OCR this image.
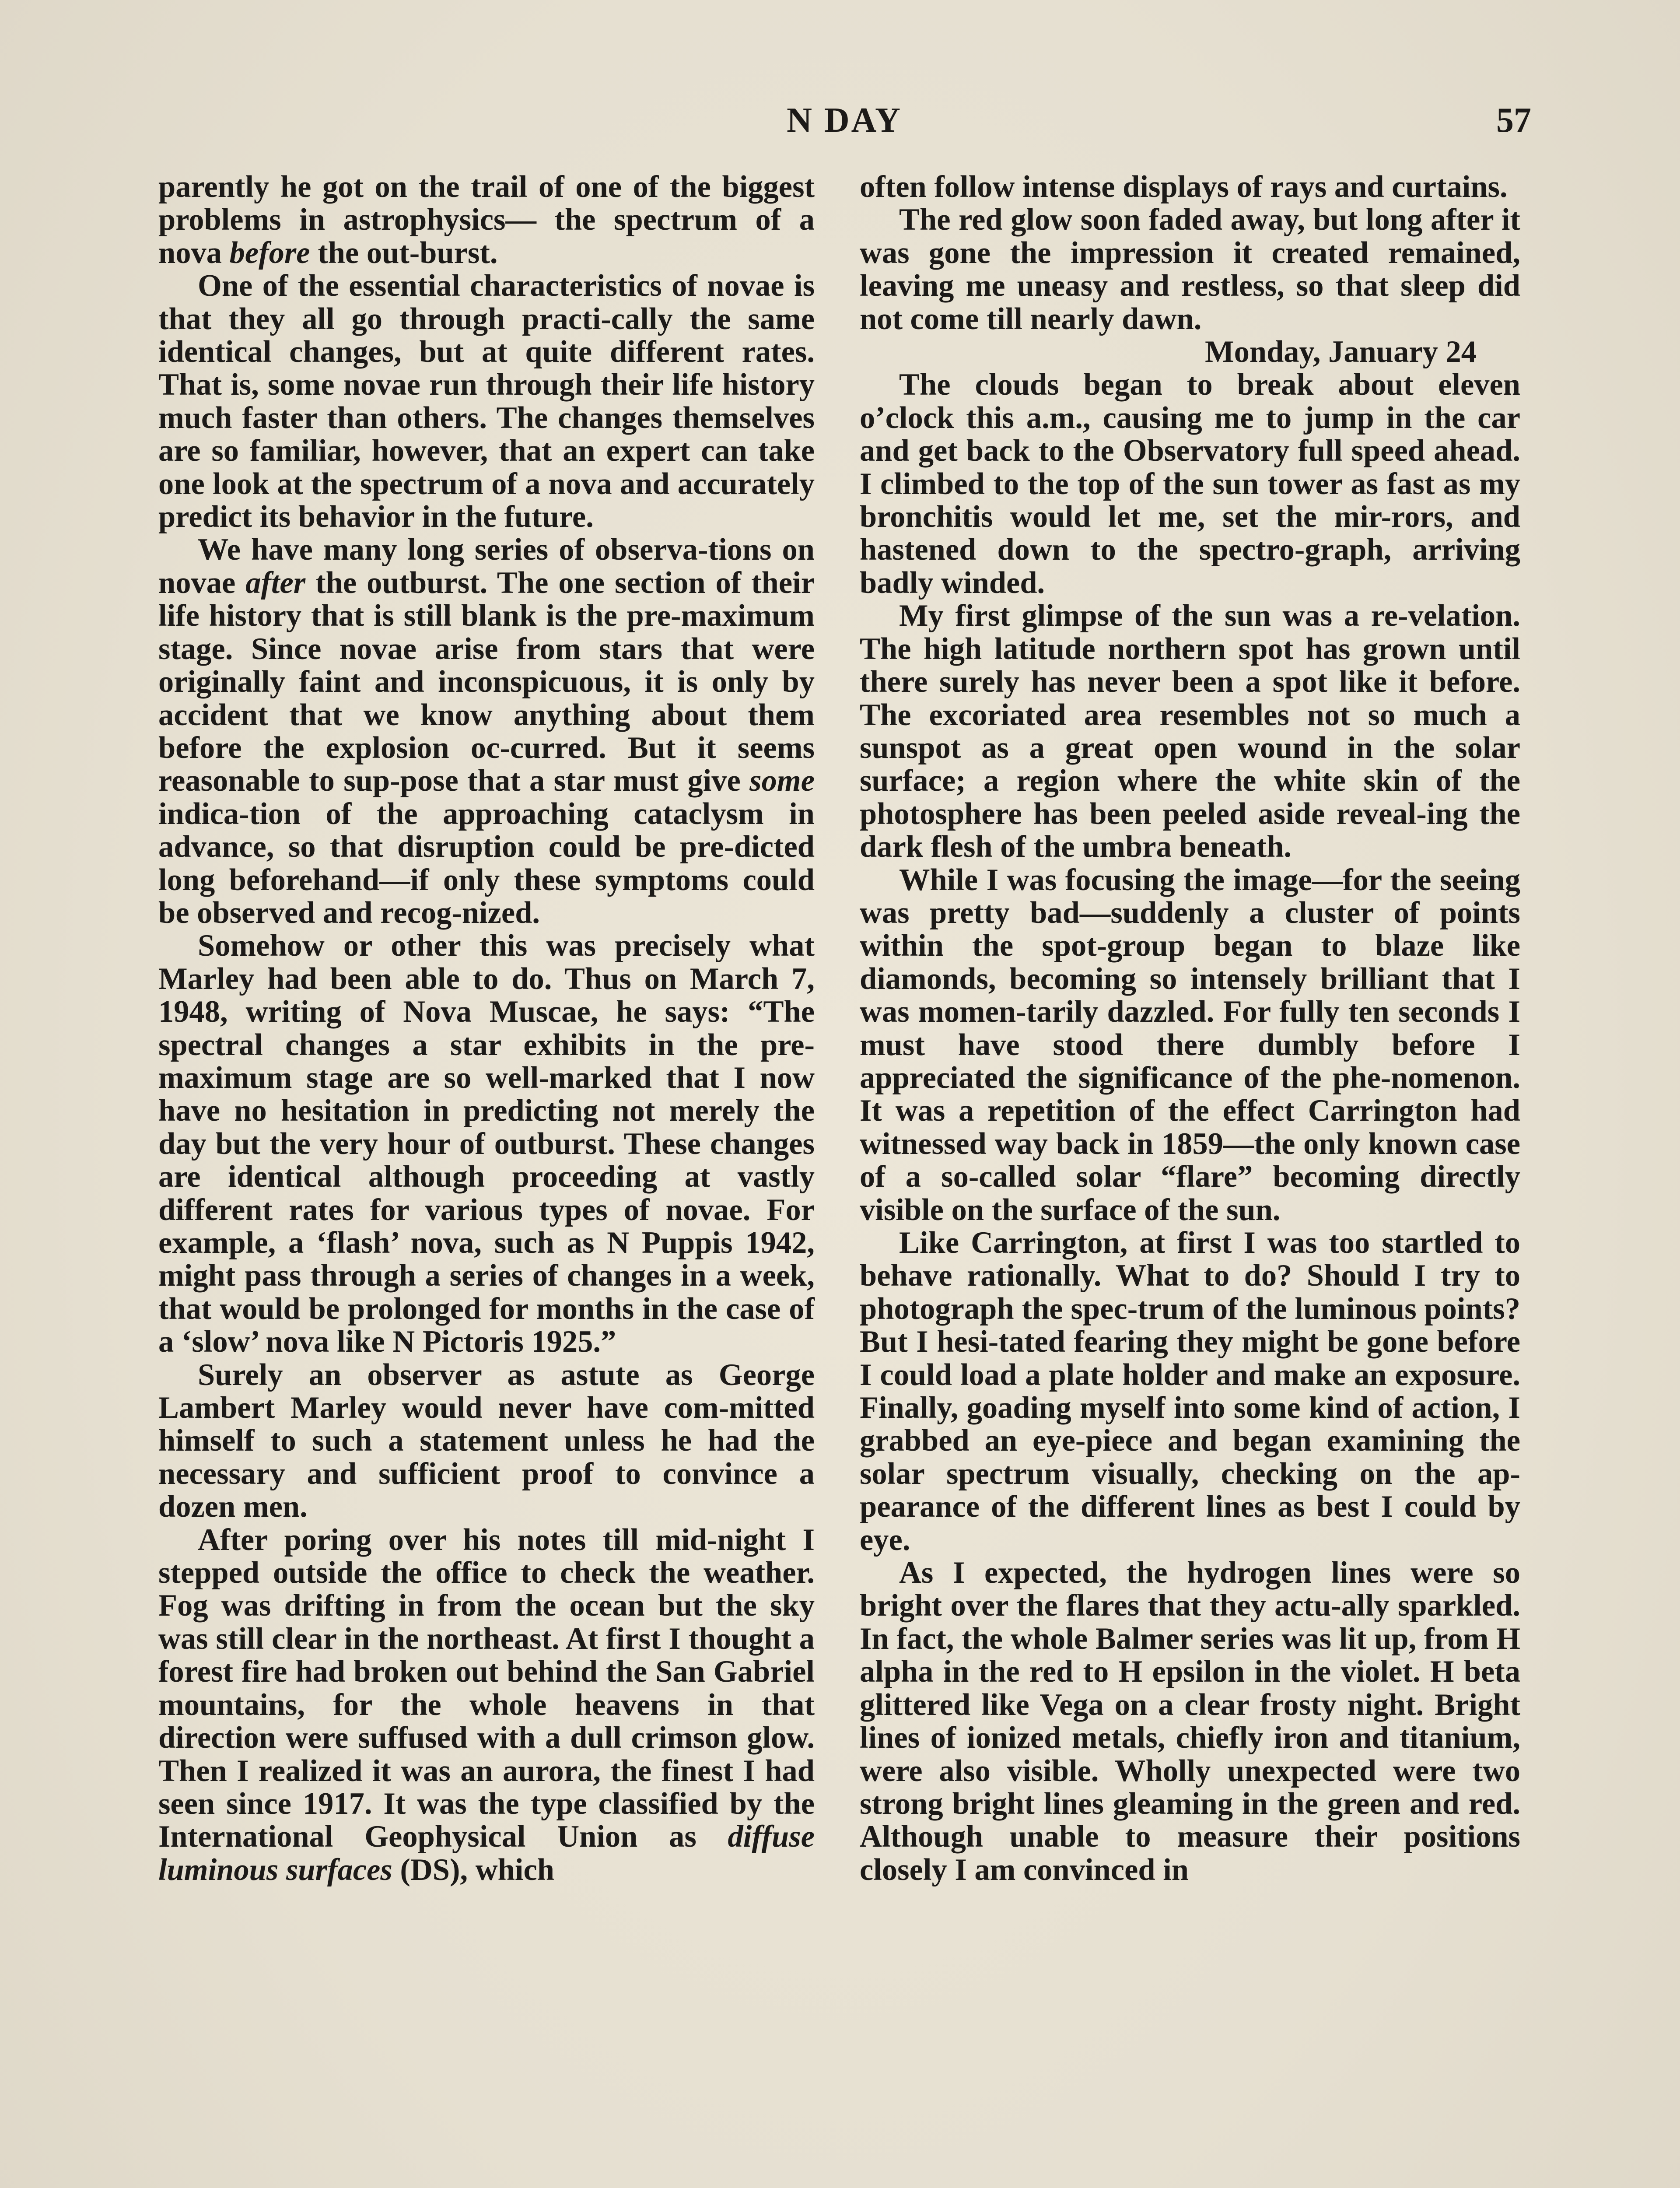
N DAY	57

parently he got on the trail of one of the biggest problems in astrophysics— the spectrum of a nova before the out-burst.

One of the essential characteristics of novae is that they all go through practi-cally the same identical changes, but at quite different rates. That is, some novae run through their life history much faster than others. The changes themselves are so familiar, however, that an expert can take one look at the spectrum of a nova and accurately predict its behavior in the future.

We have many long series of observa-tions on novae after the outburst. The one section of their life history that is still blank is the pre-maximum stage. Since novae arise from stars that were originally faint and inconspicuous, it is only by accident that we know anything about them before the explosion oc-curred. But it seems reasonable to sup-pose that a star must give some indica-tion of the approaching cataclysm in advance, so that disruption could be pre-dicted long beforehand—if only these symptoms could be observed and recog-nized.

Somehow or other this was precisely what Marley had been able to do. Thus on March 7, 1948, writing of Nova Muscae, he says: “The spectral changes a star exhibits in the pre-maximum stage are so well-marked that I now have no hesitation in predicting not merely the day but the very hour of outburst. These changes are identical although proceeding at vastly different rates for various types of novae. For example, a ‘flash’ nova, such as N Puppis 1942, might pass through a series of changes in a week, that would be prolonged for months in the case of a ‘slow’ nova like N Pictoris 1925.”

Surely an observer as astute as George Lambert Marley would never have com-mitted himself to such a statement unless he had the necessary and sufficient proof to convince a dozen men.

After poring over his notes till mid-night I stepped outside the office to check the weather. Fog was drifting in from the ocean but the sky was still clear in the northeast. At first I thought a forest fire had broken out behind the San Gabriel mountains, for the whole heavens in that direction were suffused with a dull crimson glow. Then I realized it was an aurora, the finest I had seen since 1917. It was the type classified by the International Geophysical Union as diffuse luminous surfaces (DS), which

often follow intense displays of rays and curtains.

The red glow soon faded away, but long after it was gone the impression it created remained, leaving me uneasy and restless, so that sleep did not come till nearly dawn.

Monday, January 24

The clouds began to break about eleven o’clock this a.m., causing me to jump in the car and get back to the Observatory full speed ahead. I climbed to the top of the sun tower as fast as my bronchitis would let me, set the mir-rors, and hastened down to the spectro-graph, arriving badly winded.

My first glimpse of the sun was a re-velation. The high latitude northern spot has grown until there surely has never been a spot like it before. The excoriated area resembles not so much a sunspot as a great open wound in the solar surface; a region where the white skin of the photosphere has been peeled aside reveal-ing the dark flesh of the umbra beneath.

While I was focusing the image—for the seeing was pretty bad—suddenly a cluster of points within the spot-group began to blaze like diamonds, becoming so intensely brilliant that I was momen-tarily dazzled. For fully ten seconds I must have stood there dumbly before I appreciated the significance of the phe-nomenon. It was a repetition of the effect Carrington had witnessed way back in 1859—the only known case of a so-called solar “flare” becoming directly visible on the surface of the sun.

Like Carrington, at first I was too startled to behave rationally. What to do? Should I try to photograph the spec-trum of the luminous points? But I hesi-tated fearing they might be gone before I could load a plate holder and make an exposure. Finally, goading myself into some kind of action, I grabbed an eye-piece and began examining the solar spectrum visually, checking on the ap-pearance of the different lines as best I could by eye.

As I expected, the hydrogen lines were so bright over the flares that they actu-ally sparkled. In fact, the whole Balmer series was lit up, from H alpha in the red to H epsilon in the violet. H beta glittered like Vega on a clear frosty night. Bright lines of ionized metals, chiefly iron and titanium, were also visible. Wholly unexpected were two strong bright lines gleaming in the green and red. Although unable to measure their positions closely I am convinced in
